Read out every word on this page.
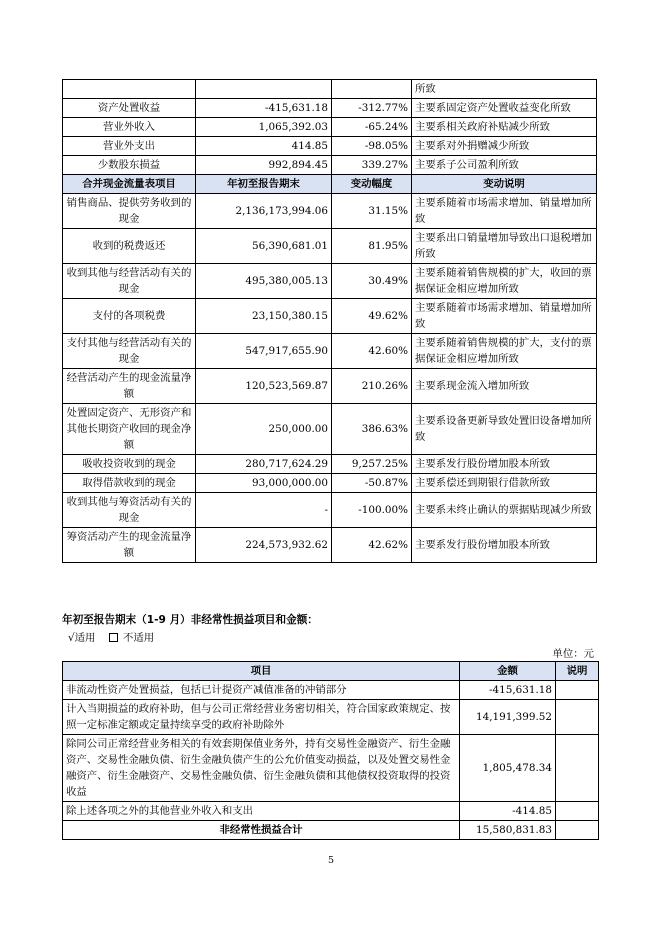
			所致
资产处置收益	-415,631.18	-312.77%	主要系固定资产处置收益变化所致
营业外收入	1,065,392.03	-65.24%	主要系相关政府补贴减少所致
营业外支出	414.85	-98.05%	主要系对外捐赠减少所致
少数股东损益	992,894.45	339.27%	主要系子公司盈利所致
合并现金流量表项目	年初至报告期末	变动幅度	变动说明
销售商品、提供劳务收到的现金	2,136,173,994.06	31.15%	主要系随着市场需求增加、销量增加所致
收到的税费返还	56,390,681.01	81.95%	主要系出口销量增加导致出口退税增加所致
收到其他与经营活动有关的现金	495,380,005.13	30.49%	主要系随着销售规模的扩大，收回的票据保证金相应增加所致
支付的各项税费	23,150,380.15	49.62%	主要系随着市场需求增加、销量增加所致
支付其他与经营活动有关的现金	547,917,655.90	42.60%	主要系随着销售规模的扩大，支付的票据保证金相应增加所致
经营活动产生的现金流量净额	120,523,569.87	210.26%	主要系现金流入增加所致
处置固定资产、无形资产和其他长期资产收回的现金净额	250,000.00	386.63%	主要系设备更新导致处置旧设备增加所致
吸收投资收到的现金	280,717,624.29	9,257.25%	主要系发行股份增加股本所致
取得借款收到的现金	93,000,000.00	-50.87%	主要系偿还到期银行借款所致
收到其他与筹资活动有关的现金	-	-100.00%	主要系未终止确认的票据贴现减少所致
筹资活动产生的现金流量净额	224,573,932.62	42.62%	主要系发行股份增加股本所致
年初至报告期末（1-9 月）非经常性损益项目和金额：
√适用	不适用
单位：元
项目	金额	说明
非流动性资产处置损益，包括已计提资产减值准备的冲销部分	-415,631.18	
计入当期损益的政府补助，但与公司正常经营业务密切相关，符合国家政策规定、按照一定标准定额或定量持续享受的政府补助除外	14,191,399.52	
除同公司正常经营业务相关的有效套期保值业务外，持有交易性金融资产、衍生金融资产、交易性金融负债、衍生金融负债产生的公允价值变动损益，以及处置交易性金融资产、衍生金融资产、交易性金融负债、衍生金融负债和其他债权投资取得的投资收益	1,805,478.34	
除上述各项之外的其他营业外收入和支出	-414.85	
非经常性损益合计	15,580,831.83	
5
